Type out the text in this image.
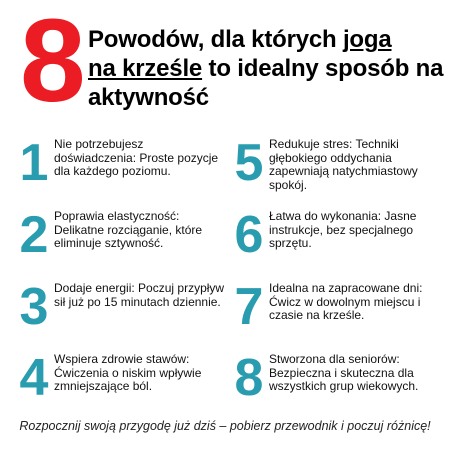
8 Powodów, dla których joga
na krześle to idealny sposób na aktywność
1 Nie potrzebujesz doświadczenia: Proste pozycje dla każdego poziomu.
2 Poprawia elastyczność: Delikatne rozciąganie, które eliminuje sztywność.
3 Dodaje energii: Poczuj przypływ sił już po 15 minutach dziennie.
4 Wspiera zdrowie stawów: Ćwiczenia o niskim wpływie zmniejszające ból.
5 Redukuje stres: Techniki głębokiego oddychania zapewniają natychmiastowy spokój.
6 Łatwa do wykonania: Jasne instrukcje, bez specjalnego sprzętu.
7 Idealna na zapracowane dni: Ćwicz w dowolnym miejscu i czasie na krześle.
8 Stworzona dla seniorów: Bezpieczna i skuteczna dla wszystkich grup wiekowych.
Rozpocznij swoją przygodę już dziś – pobierz przewodnik i poczuj różnicę!
